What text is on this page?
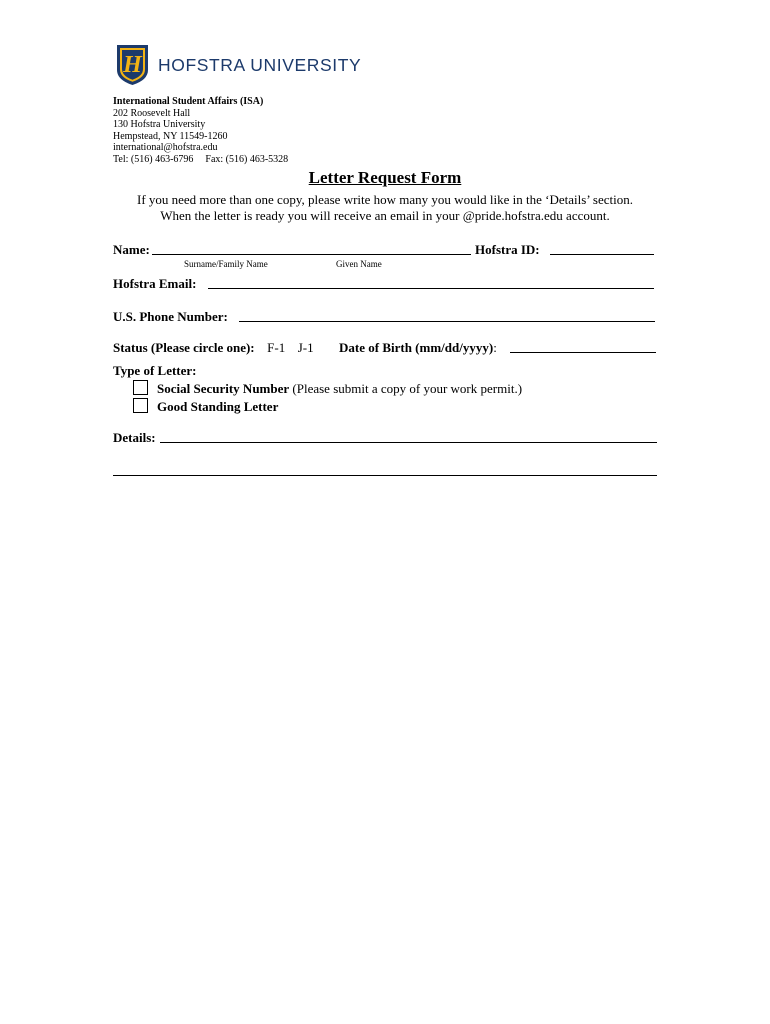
H HOFSTRA UNIVERSITY
International Student Affairs (ISA)
202 Roosevelt Hall
130 Hofstra University
Hempstead, NY 11549-1260
international@hofstra.edu
Tel: (516) 463-6796 Fax: (516) 463-5328
Letter Request Form
If you need more than one copy, please write how many you would like in the ‘Details’ section.
When the letter is ready you will receive an email in your @pride.hofstra.edu account.
Name:	Hofstra ID:
Surname/Family Name	Given Name
Hofstra Email:
U.S. Phone Number:
Status (Please circle one): F-1 J-1 Date of Birth (mm/dd/yyyy):
Type of Letter:
Social Security Number (Please submit a copy of your work permit.)
Good Standing Letter
Details:
